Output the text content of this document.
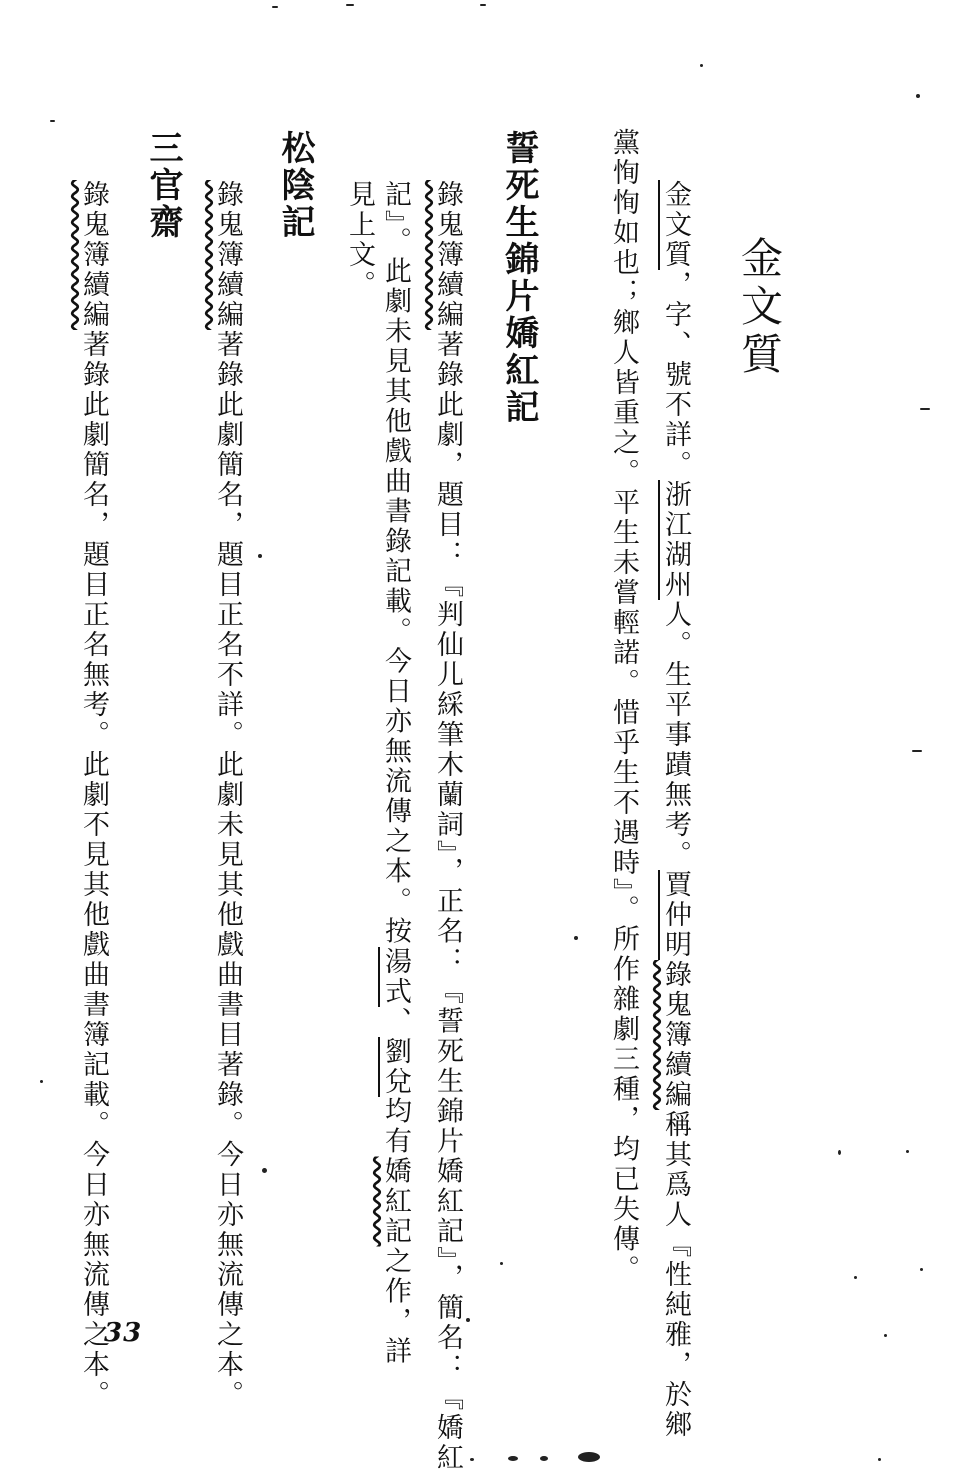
金文質
金文質，字、號不詳。浙江湖州人。生平事蹟無考。賈仲明錄鬼簿續編稱其爲人『性純雅，於鄉
黨恂恂如也；鄉人皆重之。平生未嘗輕諾。惜乎生不遇時』。所作雜劇三種，均已失傳。
誓死生錦片嬌紅記
錄鬼簿續編著錄此劇，題目：『判仙儿綵筆木蘭詞』，正名：『誓死生錦片嬌紅記』，簡名：『嬌紅
記』。此劇未見其他戲曲書錄記載。今日亦無流傳之本。按湯式、劉兌均有嬌紅記之作，詳
見上文。
松陰記
錄鬼簿續編著錄此劇簡名，題目正名不詳。此劇未見其他戲曲書目著錄。今日亦無流傳之本。
三官齋
錄鬼簿續編著錄此劇簡名，題目正名無考。此劇不見其他戲曲書簿記載。今日亦無流傳之本。
33
